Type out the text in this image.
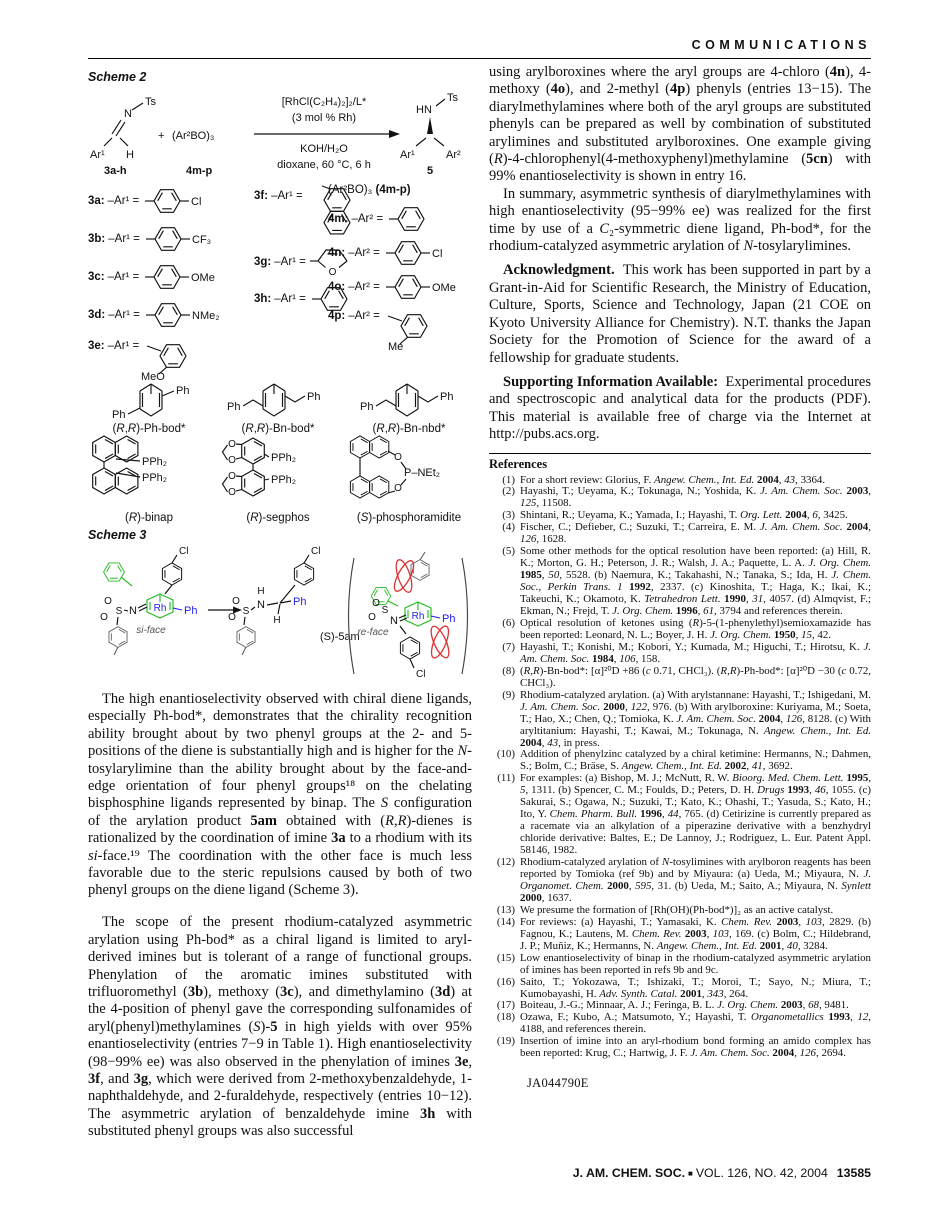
COMMUNICATIONS
Scheme 2
N
Ts
Ar¹ H
3a-h
+ (Ar²BO)₃
4m-p
[RhCl(C₂H₄)₂]₂/L*
(3 mol % Rh)
KOH/H₂O
dioxane, 60 °C, 6 h
HN
Ts
Ar¹	Ar²
5
3a: –Ar¹ =	Cl
3b: –Ar¹ =	CF₃
3c: –Ar¹ =	OMe
3d: –Ar¹ =	NMe₂
3e: –Ar¹ =
MeO
3f: –Ar¹ =
3g: –Ar¹ =
O
3h: –Ar¹ =
(Ar²BO)₃ (4m-p)
4m: –Ar² =
4n: –Ar² =	Cl
4o: –Ar² =	OMe
4p: –Ar² =
Me
Ph
Ph
(R,R)-Ph-bod*
Ph
Ph
(R,R)-Bn-bod*
Ph
Ph
(R,R)-Bn-nbd*
PPh₂
PPh₂
(R)-binap
O
O	PPh₂
O
O
PPh₂
(R)-segphos
O
P–NEt₂
O
(S)-phosphoramidite
Scheme 3
Cl
N Rh Ph
O
O
S
si-face
H
N
Cl
Ph
H
O
O
S
(S)-5am
N Rh Ph
O
O
S
Cl
re-face

The high enantioselectivity observed with chiral diene ligands, especially Ph-bod*, demonstrates that the chirality recognition ability brought about by two phenyl groups at the 2- and 5-positions of the diene is substantially high and is higher for the N-tosylarylimine than the ability brought about by the face-and-edge orientation of four phenyl groups¹⁸ on the chelating bisphosphine ligands represented by binap. The S configuration of the arylation product 5am obtained with (R,R)-dienes is rationalized by the coordination of imine 3a to a rhodium with its si-face.¹⁹ The coordination with the other face is much less favorable due to the steric repulsions caused by both of two phenyl groups on the diene ligand (Scheme 3).

The scope of the present rhodium-catalyzed asymmetric arylation using Ph-bod* as a chiral ligand is limited to aryl-derived imines but is tolerant of a range of functional groups. Phenylation of the aromatic imines substituted with trifluoromethyl (3b), methoxy (3c), and dimethylamino (3d) at the 4-position of phenyl gave the corresponding sulfonamides of aryl(phenyl)methylamines (S)-5 in high yields with over 95% enantioselectivity (entries 7−9 in Table 1). High enantioselectivity (98−99% ee) was also observed in the phenylation of imines 3e, 3f, and 3g, which were derived from 2-methoxybenzaldehyde, 1-naphthaldehyde, and 2-furaldehyde, respectively (entries 10−12). The asymmetric arylation of benzaldehyde imine 3h with substituted phenyl groups was also successful

using arylboroxines where the aryl groups are 4-chloro (4n), 4-methoxy (4o), and 2-methyl (4p) phenyls (entries 13−15). The diarylmethylamines where both of the aryl groups are substituted phenyls can be prepared as well by combination of substituted arylimines and substituted arylboroxines. One example giving (R)-4-chlorophenyl(4-methoxyphenyl)methylamine (5cn) with 99% enantioselectivity is shown in entry 16.

In summary, asymmetric synthesis of diarylmethylamines with high enantioselectivity (95−99% ee) was realized for the first time by use of a C₂-symmetric diene ligand, Ph-bod*, for the rhodium-catalyzed asymmetric arylation of N-tosylarylimines.

Acknowledgment. This work has been supported in part by a Grant-in-Aid for Scientific Research, the Ministry of Education, Culture, Sports, Science and Technology, Japan (21 COE on Kyoto University Alliance for Chemistry). N.T. thanks the Japan Society for the Promotion of Science for the award of a fellowship for graduate students.

Supporting Information Available: Experimental procedures and spectroscopic and analytical data for the products (PDF). This material is available free of charge via the Internet at http://pubs.acs.org.

References
(1) For a short review: Glorius, F. Angew. Chem., Int. Ed. 2004, 43, 3364.
(2) Hayashi, T.; Ueyama, K.; Tokunaga, N.; Yoshida, K. J. Am. Chem. Soc. 2003, 125, 11508.
(3) Shintani, R.; Ueyama, K.; Yamada, I.; Hayashi, T. Org. Lett. 2004, 6, 3425.
(4) Fischer, C.; Defieber, C.; Suzuki, T.; Carreira, E. M. J. Am. Chem. Soc. 2004, 126, 1628.
(5) Some other methods for the optical resolution have been reported: (a) Hill, R. K.; Morton, G. H.; Peterson, J. R.; Walsh, J. A.; Paquette, L. A. J. Org. Chem. 1985, 50, 5528. (b) Naemura, K.; Takahashi, N.; Tanaka, S.; Ida, H. J. Chem. Soc., Perkin Trans. 1 1992, 2337. (c) Kinoshita, T.; Haga, K.; Ikai, K.; Takeuchi, K.; Okamoto, K. Tetrahedron Lett. 1990, 31, 4057. (d) Almqvist, F.; Ekman, N.; Frejd, T. J. Org. Chem. 1996, 61, 3794 and references therein.
(6) Optical resolution of ketones using (R)-5-(1-phenylethyl)semioxamazide has been reported: Leonard, N. L.; Boyer, J. H. J. Org. Chem. 1950, 15, 42.
(7) Hayashi, T.; Konishi, M.; Kobori, Y.; Kumada, M.; Higuchi, T.; Hirotsu, K. J. Am. Chem. Soc. 1984, 106, 158.
(8) (R,R)-Bn-bod*: [α]²⁰D +86 (c 0.71, CHCl₃). (R,R)-Ph-bod*: [α]²⁰D −30 (c 0.72, CHCl₃).
(9) Rhodium-catalyzed arylation. (a) With arylstannane: Hayashi, T.; Ishigedani, M. J. Am. Chem. Soc. 2000, 122, 976. (b) With arylboroxine: Kuriyama, M.; Soeta, T.; Hao, X.; Chen, Q.; Tomioka, K. J. Am. Chem. Soc. 2004, 126, 8128. (c) With aryltitanium: Hayashi, T.; Kawai, M.; Tokunaga, N. Angew. Chem., Int. Ed. 2004, 43, in press.
(10) Addition of phenylzinc catalyzed by a chiral ketimine: Hermanns, N.; Dahmen, S.; Bolm, C.; Bräse, S. Angew. Chem., Int. Ed. 2002, 41, 3692.
(11) For examples: (a) Bishop, M. J.; McNutt, R. W. Bioorg. Med. Chem. Lett. 1995, 5, 1311. (b) Spencer, C. M.; Foulds, D.; Peters, D. H. Drugs 1993, 46, 1055. (c) Sakurai, S.; Ogawa, N.; Suzuki, T.; Kato, K.; Ohashi, T.; Yasuda, S.; Kato, H.; Ito, Y. Chem. Pharm. Bull. 1996, 44, 765. (d) Cetirizine is currently prepared as a racemate via an alkylation of a piperazine derivative with a benzhydryl chloride derivative: Baltes, E.; De Lannoy, J.; Rodriguez, L. Eur. Patent Appl. 58146, 1982.
(12) Rhodium-catalyzed arylation of N-tosylimines with arylboron reagents has been reported by Tomioka (ref 9b) and by Miyaura: (a) Ueda, M.; Miyaura, N. J. Organomet. Chem. 2000, 595, 31. (b) Ueda, M.; Saito, A.; Miyaura, N. Synlett 2000, 1637.
(13) We presume the formation of [Rh(OH)(Ph-bod*)]₂ as an active catalyst.
(14) For reviews: (a) Hayashi, T.; Yamasaki, K. Chem. Rev. 2003, 103, 2829. (b) Fagnou, K.; Lautens, M. Chem. Rev. 2003, 103, 169. (c) Bolm, C.; Hildebrand, J. P.; Muñiz, K.; Hermanns, N. Angew. Chem., Int. Ed. 2001, 40, 3284.
(15) Low enantioselectivity of binap in the rhodium-catalyzed asymmetric arylation of imines has been reported in refs 9b and 9c.
(16) Saito, T.; Yokozawa, T.; Ishizaki, T.; Moroi, T.; Sayo, N.; Miura, T.; Kumobayashi, H. Adv. Synth. Catal. 2001, 343, 264.
(17) Boiteau, J.-G.; Minnaar, A. J.; Feringa, B. L. J. Org. Chem. 2003, 68, 9481.
(18) Ozawa, F.; Kubo, A.; Matsumoto, Y.; Hayashi, T. Organometallics 1993, 12, 4188, and references therein.
(19) Insertion of imine into an aryl-rhodium bond forming an amido complex has been reported: Krug, C.; Hartwig, J. F. J. Am. Chem. Soc. 2004, 126, 2694.
JA044790E
J. AM. CHEM. SOC. ■ VOL. 126, NO. 42, 2004 13585
